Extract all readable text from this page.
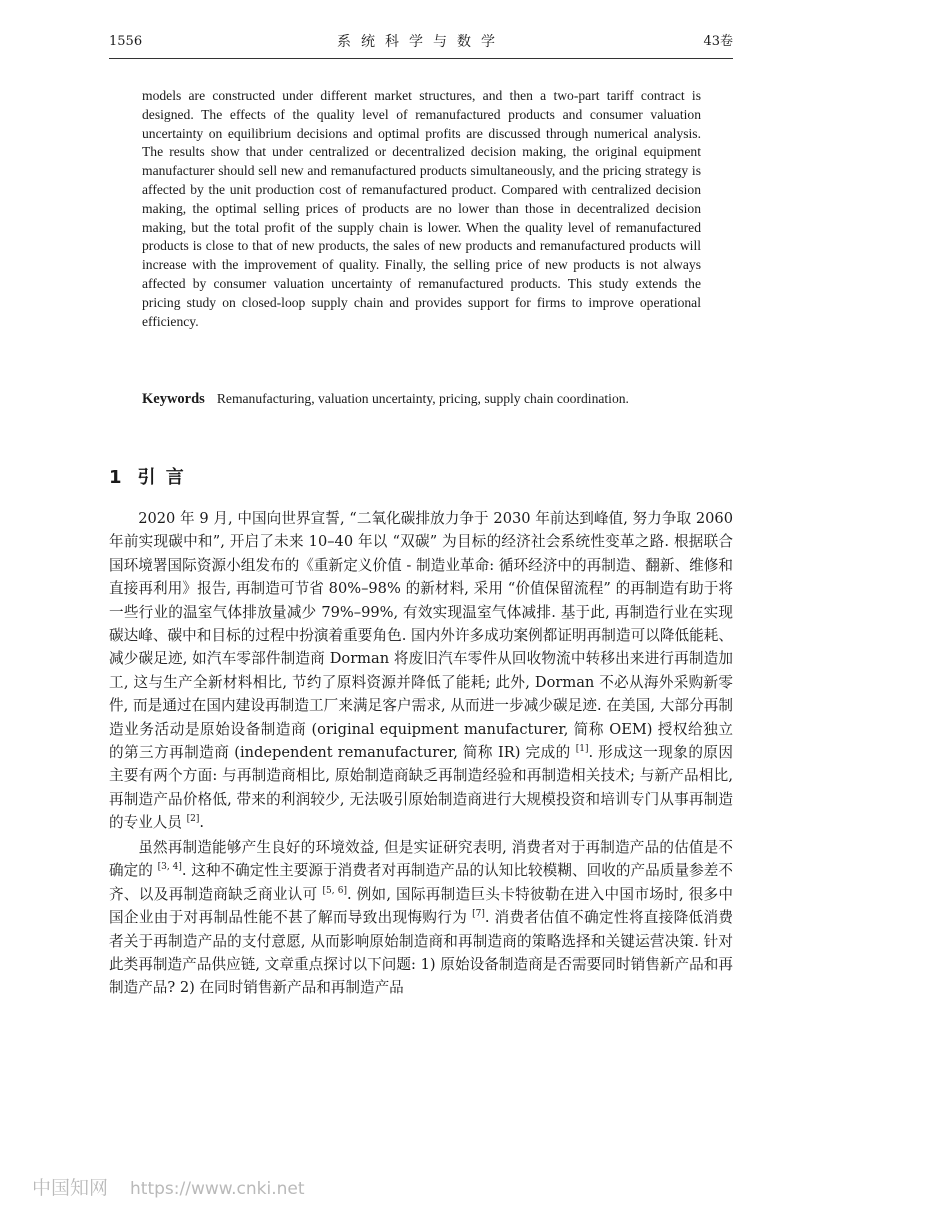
1556	系统科学与数学	43卷
models are constructed under different market structures, and then a two-part tariff contract is designed. The effects of the quality level of remanufactured products and consumer valuation uncertainty on equilibrium decisions and optimal profits are discussed through numerical analysis. The results show that under centralized or decentralized decision making, the original equipment manufacturer should sell new and remanufactured products simultaneously, and the pricing strategy is affected by the unit production cost of remanufactured product. Compared with centralized decision making, the optimal selling prices of products are no lower than those in decentralized decision making, but the total profit of the supply chain is lower. When the quality level of remanufactured products is close to that of new products, the sales of new products and remanufactured products will increase with the improvement of quality. Finally, the selling price of new products is not always affected by consumer valuation uncertainty of remanufactured products. This study extends the pricing study on closed-loop supply chain and provides support for firms to improve operational efficiency.
Keywords Remanufacturing, valuation uncertainty, pricing, supply chain coordination.
1 引 言

2020 年 9 月, 中国向世界宣誓, “二氧化碳排放力争于 2030 年前达到峰值, 努力争取 2060 年前实现碳中和”, 开启了未来 10–40 年以 “双碳” 为目标的经济社会系统性变革之路. 根据联合国环境署国际资源小组发布的《重新定义价值 - 制造业革命: 循环经济中的再制造、翻新、维修和直接再利用》报告, 再制造可节省 80%–98% 的新材料, 采用 “价值保留流程” 的再制造有助于将一些行业的温室气体排放量减少 79%–99%, 有效实现温室气体减排. 基于此, 再制造行业在实现碳达峰、碳中和目标的过程中扮演着重要角色. 国内外许多成功案例都证明再制造可以降低能耗、减少碳足迹, 如汽车零部件制造商 Dorman 将废旧汽车零件从回收物流中转移出来进行再制造加工, 这与生产全新材料相比, 节约了原料资源并降低了能耗; 此外, Dorman 不必从海外采购新零件, 而是通过在国内建设再制造工厂来满足客户需求, 从而进一步减少碳足迹. 在美国, 大部分再制造业务活动是原始设备制造商 (original equipment manufacturer, 简称 OEM) 授权给独立的第三方再制造商 (independent remanufacturer, 简称 IR) 完成的 [1]. 形成这一现象的原因主要有两个方面: 与再制造商相比, 原始制造商缺乏再制造经验和再制造相关技术; 与新产品相比, 再制造产品价格低, 带来的利润较少, 无法吸引原始制造商进行大规模投资和培训专门从事再制造的专业人员 [2].

虽然再制造能够产生良好的环境效益, 但是实证研究表明, 消费者对于再制造产品的估值是不确定的 [3, 4]. 这种不确定性主要源于消费者对再制造产品的认知比较模糊、回收的产品质量参差不齐、以及再制造商缺乏商业认可 [5, 6]. 例如, 国际再制造巨头卡特彼勒在进入中国市场时, 很多中国企业由于对再制品性能不甚了解而导致出现悔购行为 [7]. 消费者估值不确定性将直接降低消费者关于再制造产品的支付意愿, 从而影响原始制造商和再制造商的策略选择和关键运营决策. 针对此类再制造产品供应链, 文章重点探讨以下问题: 1) 原始设备制造商是否需要同时销售新产品和再制造产品? 2) 在同时销售新产品和再制造产品

中国知网 https://www.cnki.net
